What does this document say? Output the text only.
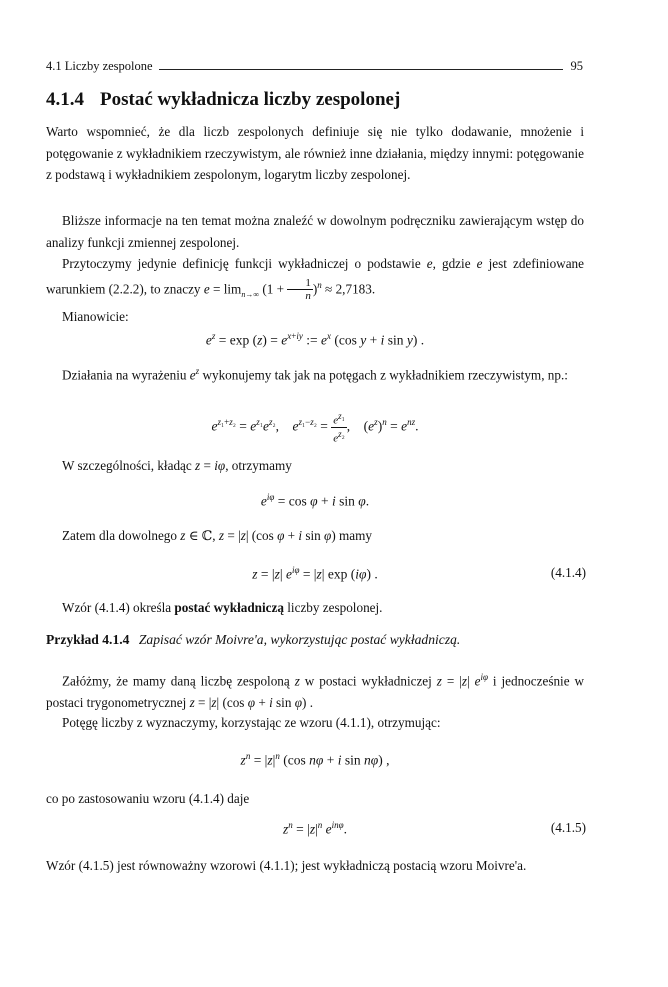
4.1 Liczby zespolone	95
4.1.4 Postać wykładnicza liczby zespolonej
Warto wspomnieć, że dla liczb zespolonych definiuje się nie tylko dodawanie, mnożenie i potęgowanie z wykładnikiem rzeczywistym, ale również inne działania, między innymi: potęgowanie z podstawą i wykładnikiem zespolonym, logarytm liczby zespolonej.
Bliższe informacje na ten temat można znaleźć w dowolnym podręczniku zawierającym wstęp do analizy funkcji zmiennej zespolonej.
Przytoczymy jedynie definicję funkcji wykładniczej o podstawie e, gdzie e jest zdefiniowane warunkiem (2.2.2), to znaczy $e = \lim_{n\to\infty} (1 + \frac{1}{n} )^n \approx 2,7183$.
Mianowicie:
$e^z = \exp (z) = e^{x+iy}$ := $e^x$ (cos y + i sin y) .
Działania na wyrażeniu $e^z$ wykonujemy tak jak na potęgach z wykładnikiem rzeczywistym, np.:
$e^{z_1+z_2} = e^{z_1}e^{z_2}$,    $e^{z_1-z_2} = \frac{e^{z_1}}{e^{z_2}}$ ,    $(e^z)^n = e^{nz}$.
W szczególności, kładąc z = iφ, otrzymamy
$e^{i\varphi} = \cos \varphi + i$ sin φ.
Zatem dla dowolnego z ∈ ℂ, z = |z| (cos φ + i sin φ) mamy
z = |z| $e^{i\varphi} = |z|$ exp (iφ) .	(4.1.4)
Wzór (4.1.4) określa postać wykładniczą liczby zespolonej.
Przykład 4.1.4 Zapisać wzór Moivre'a, wykorzystując postać wykładniczą.
Załóżmy, że mamy daną liczbę zespoloną z w postaci wykładniczej z = |z| $e^{i\varphi}$ i jednocześnie w postaci trygonometrycznej z = |z| (cos φ + i sin φ) .
Potęgę liczby z wyznaczymy, korzystając ze wzoru (4.1.1), otrzymując:
$z^n = |z|^n$ (cos nφ + i sin nφ) ,
co po zastosowaniu wzoru (4.1.4) daje
$z^n = |z|^n$ $e^{in\varphi}$.	(4.1.5)
Wzór (4.1.5) jest równoważny wzorowi (4.1.1); jest wykładniczą postacią wzoru Moivre'a.
